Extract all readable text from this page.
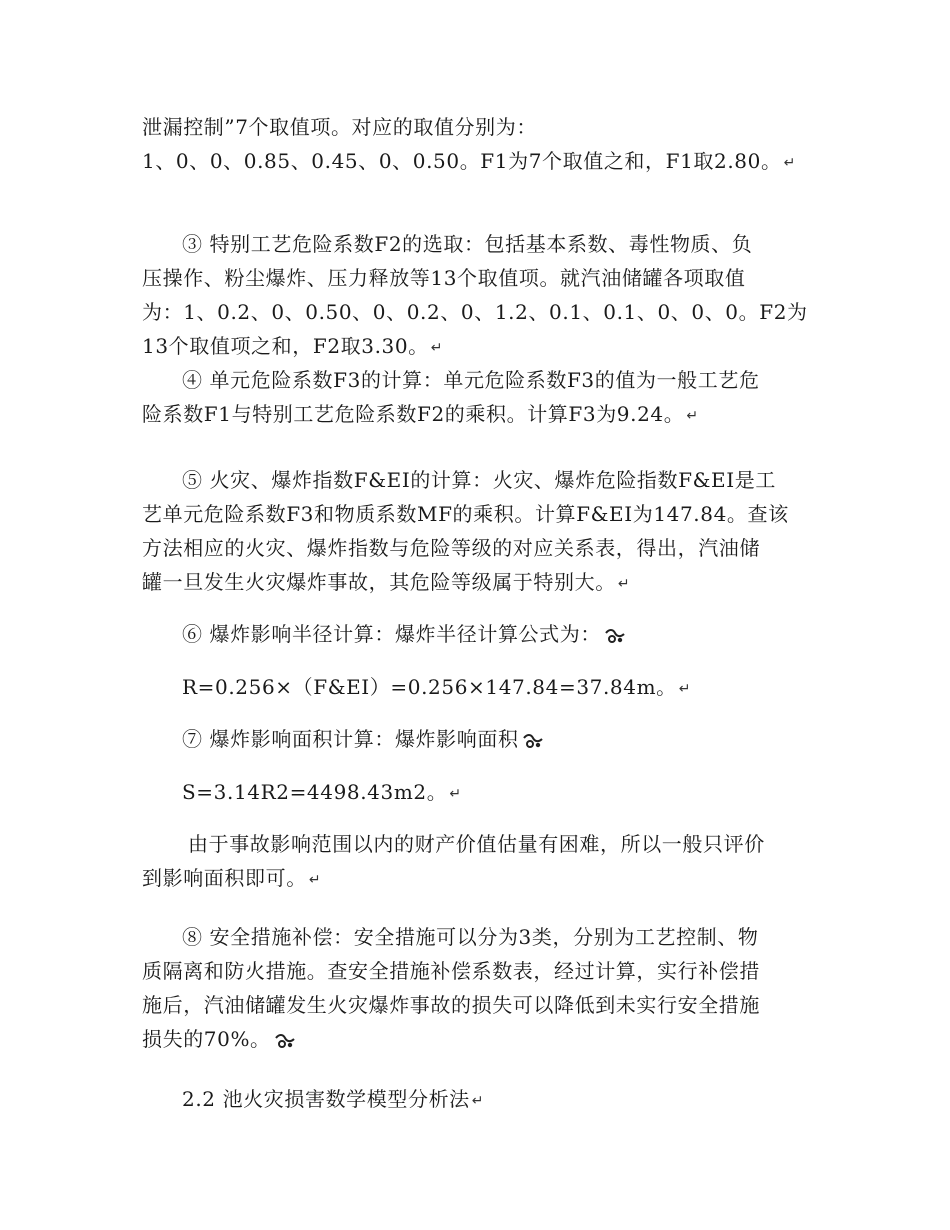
泄漏控制”7个取值项。对应的取值分别为：
1、0、0、0.85、0.45、0、0.50。F1为7个取值之和，F1取2.80。 ↵
③ 特别工艺危险系数F2的选取：包括基本系数、毒性物质、负
压操作、粉尘爆炸、压力释放等13个取值项。就汽油储罐各项取值
为：1、0.2、0、0.50、0、0.2、0、1.2、0.1、0.1、0、0、0。F2为
13个取值项之和，F2取3.30。 ↵
④ 单元危险系数F3的计算：单元危险系数F3的值为一般工艺危
险系数F1与特别工艺危险系数F2的乘积。计算F3为9.24。 ↵
⑤ 火灾、爆炸指数F&EI的计算：火灾、爆炸危险指数F&EI是工
艺单元危险系数F3和物质系数MF的乘积。计算F&EI为147.84。查该
方法相应的火灾、爆炸指数与危险等级的对应关系表，得出，汽油储
罐一旦发生火灾爆炸事故，其危险等级属于特别大。 ↵
⑥ 爆炸影响半径计算：爆炸半径计算公式为：
R=0.256×（F&EI）=0.256×147.84=37.84m。 ↵
⑦ 爆炸影响面积计算：爆炸影响面积
S=3.14R2=4498.43m2。 ↵
由于事故影响范围以内的财产价值估量有困难，所以一般只评价
到影响面积即可。 ↵
⑧ 安全措施补偿：安全措施可以分为3类，分别为工艺控制、物
质隔离和防火措施。查安全措施补偿系数表，经过计算，实行补偿措
施后，汽油储罐发生火灾爆炸事故的损失可以降低到未实行安全措施
损失的70%。
2.2 池火灾损害数学模型分析法 ↵
